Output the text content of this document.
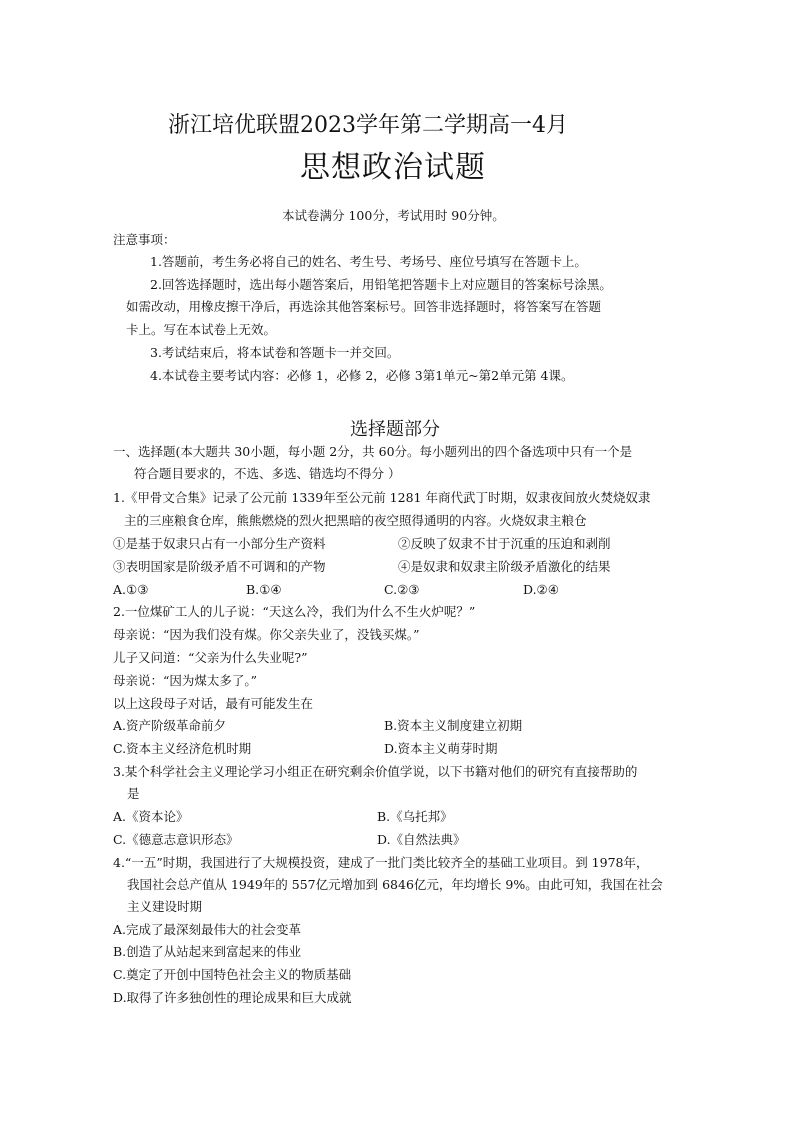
浙江培优联盟2023学年第二学期高一4月
思想政治试题
本试卷满分 100分，考试用时 90分钟。
注意事项：
1.答题前，考生务必将自己的姓名、考生号、考场号、座位号填写在答题卡上。
2.回答选择题时，选出每小题答案后，用铅笔把答题卡上对应题目的答案标号涂黑。
如需改动，用橡皮擦干净后，再选涂其他答案标号。回答非选择题时，将答案写在答题
卡上。写在本试卷上无效。
3.考试结束后，将本试卷和答题卡一并交回。
4.本试卷主要考试内容：必修 1，必修 2，必修 3第1单元~第2单元第 4课。
选择题部分
一、选择题(本大题共 30小题，每小题 2分，共 60分。每小题列出的四个备选项中只有一个是
符合题目要求的，不选、多选、错选均不得分 ）
1.《甲骨文合集》记录了公元前 1339年至公元前 1281 年商代武丁时期，奴隶夜间放火焚烧奴隶
主的三座粮食仓库，熊熊燃烧的烈火把黑暗的夜空照得通明的内容。火烧奴隶主粮仓
①是基于奴隶只占有一小部分生产资料	②反映了奴隶不甘于沉重的压迫和剥削
③表明国家是阶级矛盾不可调和的产物	④是奴隶和奴隶主阶级矛盾激化的结果
A.①③	B.①④	C.②③	D.②④
2.一位煤矿工人的儿子说：“天这么冷，我们为什么不生火炉呢？”
母亲说：“因为我们没有煤。你父亲失业了，没钱买煤。”
儿子又问道：“父亲为什么失业呢?”
母亲说：“因为煤太多了。”
以上这段母子对话，最有可能发生在
A.资产阶级革命前夕	B.资本主义制度建立初期
C.资本主义经济危机时期	D.资本主义萌芽时期
3.某个科学社会主义理论学习小组正在研究剩余价值学说，以下书籍对他们的研究有直接帮助的
是
A.《资本论》	B.《乌托邦》
C.《德意志意识形态》	D.《自然法典》
4.“一五”时期，我国进行了大规模投资，建成了一批门类比较齐全的基础工业项目。到 1978年，
我国社会总产值从 1949年的 557亿元增加到 6846亿元，年均增长 9%。由此可知，我国在社会
主义建设时期
A.完成了最深刻最伟大的社会变革
B.创造了从站起来到富起来的伟业
C.奠定了开创中国特色社会主义的物质基础
D.取得了许多独创性的理论成果和巨大成就
